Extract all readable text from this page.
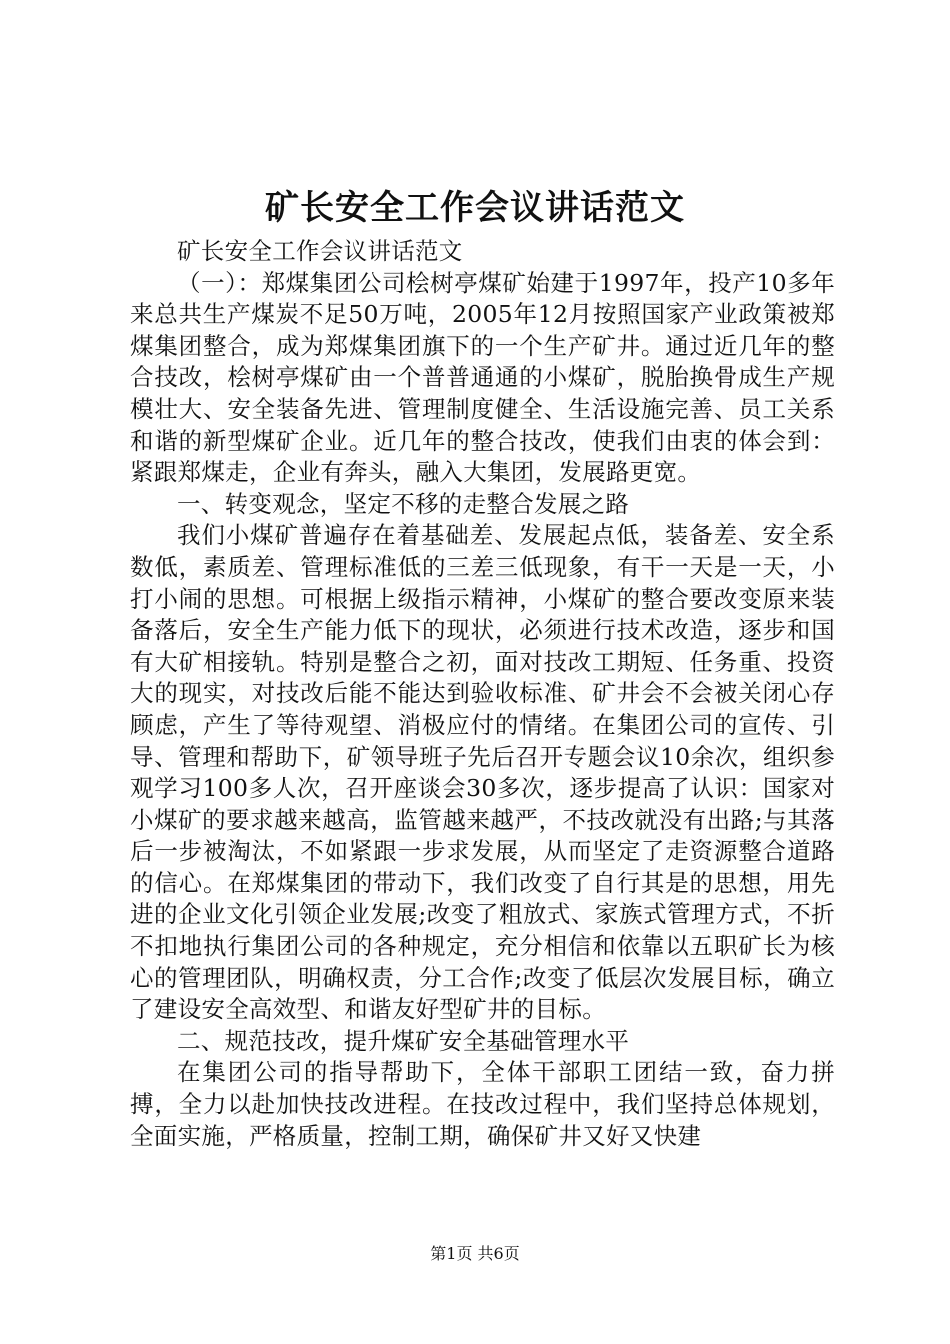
矿长安全工作会议讲话范文

矿长安全工作会议讲话范文

（一）：郑煤集团公司桧树亭煤矿始建于1997年，投产10多年来总共生产煤炭不足50万吨，2005年12月按照国家产业政策被郑煤集团整合，成为郑煤集团旗下的一个生产矿井。通过近几年的整合技改，桧树亭煤矿由一个普普通通的小煤矿，脱胎换骨成生产规模壮大、安全装备先进、管理制度健全、生活设施完善、员工关系和谐的新型煤矿企业。近几年的整合技改，使我们由衷的体会到：紧跟郑煤走，企业有奔头，融入大集团，发展路更宽。

一、转变观念，坚定不移的走整合发展之路

我们小煤矿普遍存在着基础差、发展起点低，装备差、安全系数低，素质差、管理标准低的三差三低现象，有干一天是一天，小打小闹的思想。可根据上级指示精神，小煤矿的整合要改变原来装备落后，安全生产能力低下的现状，必须进行技术改造，逐步和国有大矿相接轨。特别是整合之初，面对技改工期短、任务重、投资大的现实，对技改后能不能达到验收标准、矿井会不会被关闭心存顾虑，产生了等待观望、消极应付的情绪。在集团公司的宣传、引导、管理和帮助下，矿领导班子先后召开专题会议10余次，组织参观学习100多人次，召开座谈会30多次，逐步提高了认识：国家对小煤矿的要求越来越高，监管越来越严，不技改就没有出路;与其落后一步被淘汰，不如紧跟一步求发展，从而坚定了走资源整合道路的信心。在郑煤集团的带动下，我们改变了自行其是的思想，用先进的企业文化引领企业发展;改变了粗放式、家族式管理方式，不折不扣地执行集团公司的各种规定，充分相信和依靠以五职矿长为核心的管理团队，明确权责，分工合作;改变了低层次发展目标，确立了建设安全高效型、和谐友好型矿井的目标。

二、规范技改，提升煤矿安全基础管理水平

在集团公司的指导帮助下，全体干部职工团结一致，奋力拼搏，全力以赴加快技改进程。在技改过程中，我们坚持总体规划，全面实施，严格质量，控制工期，确保矿井又好又快建

第1页 共6页
